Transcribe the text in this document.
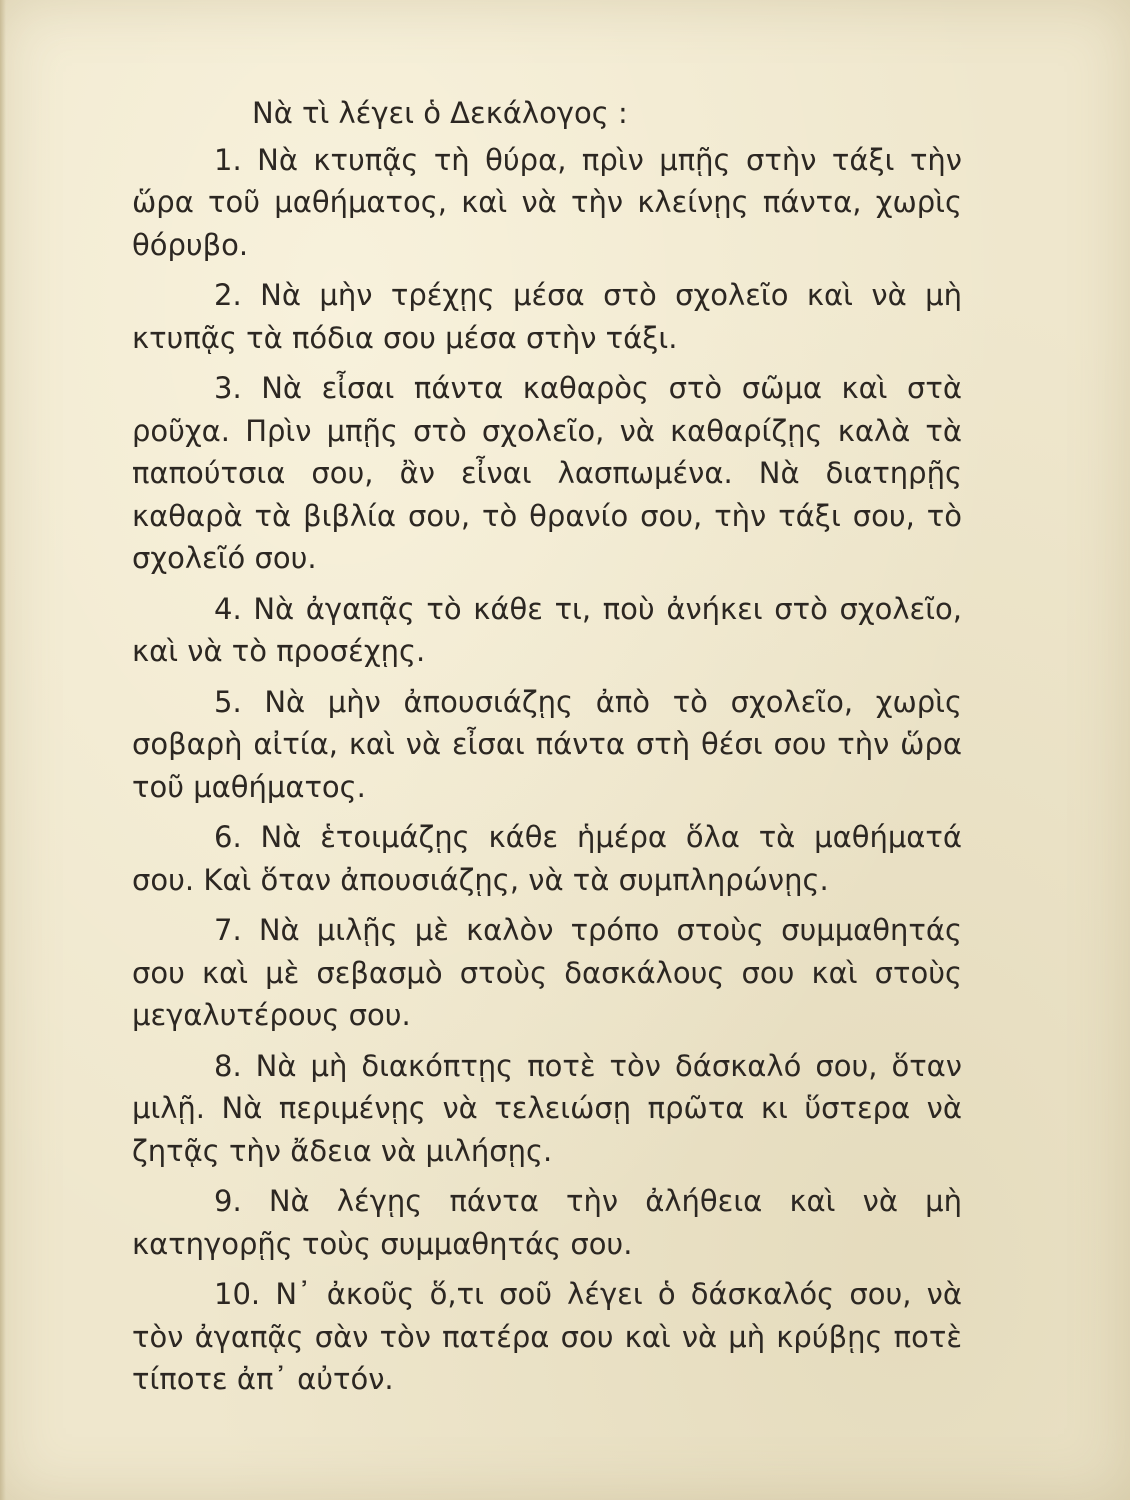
Νὰ τὶ λέγει ὁ Δεκάλογος :

1. Νὰ κτυπᾷς τὴ θύρα, πρὶν μπῇς στὴν τάξι τὴν ὥρα τοῦ μαθήματος, καὶ νὰ τὴν κλείνῃς πάντα, χωρὶς θόρυβο.

2. Νὰ μὴν τρέχῃς μέσα στὸ σχολεῖο καὶ νὰ μὴ κτυπᾷς τὰ πόδια σου μέσα στὴν τάξι.

3. Νὰ εἶσαι πάντα καθαρὸς στὸ σῶμα καὶ στὰ ροῦχα. Πρὶν μπῇς στὸ σχολεῖο, νὰ καθαρίζῃς καλὰ τὰ παπούτσια σου, ἂν εἶναι λασπωμένα. Νὰ διατηρῇς καθαρὰ τὰ βιβλία σου, τὸ θρανίο σου, τὴν τάξι σου, τὸ σχολεῖό σου.

4. Νὰ ἀγαπᾷς τὸ κάθε τι, ποὺ ἀνήκει στὸ σχολεῖο, καὶ νὰ τὸ προσέχῃς.

5. Νὰ μὴν ἀπουσιάζῃς ἀπὸ τὸ σχολεῖο, χωρὶς σοβαρὴ αἰτία, καὶ νὰ εἶσαι πάντα στὴ θέσι σου τὴν ὥρα τοῦ μαθήματος.

6. Νὰ ἑτοιμάζῃς κάθε ἡμέρα ὅλα τὰ μαθήματά σου. Καὶ ὅταν ἀπουσιάζῃς, νὰ τὰ συμπληρώνῃς.

7. Νὰ μιλῇς μὲ καλὸν τρόπο στοὺς συμμαθητάς σου καὶ μὲ σεβασμὸ στοὺς δασκάλους σου καὶ στοὺς μεγαλυτέρους σου.

8. Νὰ μὴ διακόπτῃς ποτὲ τὸν δάσκαλό σου, ὅταν μιλῇ. Νὰ περιμένῃς νὰ τελειώσῃ πρῶτα κι ὕστερα νὰ ζητᾷς τὴν ἄδεια νὰ μιλήσῃς.

9. Νὰ λέγῃς πάντα τὴν ἀλήθεια καὶ νὰ μὴ κατηγορῇς τοὺς συμμαθητάς σου.

10. Ν᾿ ἀκοῦς ὅ,τι σοῦ λέγει ὁ δάσκαλός σου, νὰ τὸν ἀγαπᾷς σὰν τὸν πατέρα σου καὶ νὰ μὴ κρύβῃς ποτὲ τίποτε ἀπ᾿ αὐτόν.
